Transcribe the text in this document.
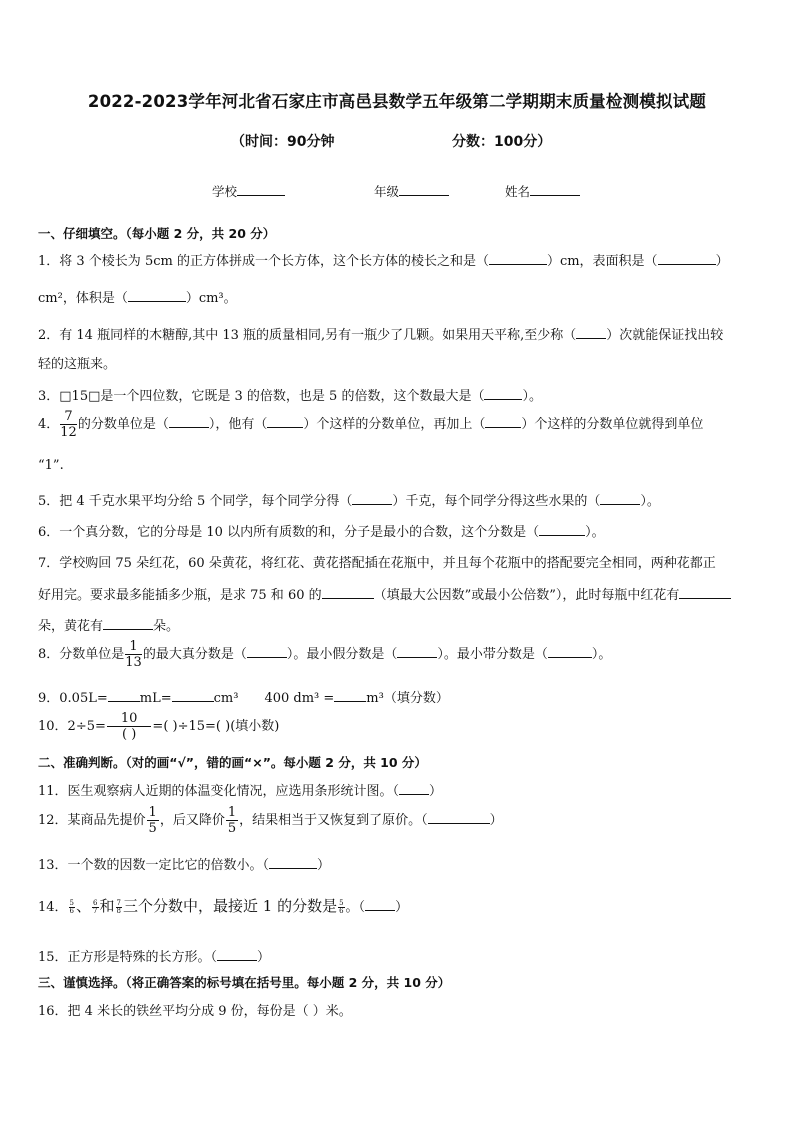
2022-2023学年河北省石家庄市高邑县数学五年级第二学期期末质量检测模拟试题
（时间：90分钟	分数：100分）
学校	年级	姓名
一、仔细填空。（每小题 2 分，共 20 分）
1．将 3 个棱长为 5cm 的正方体拼成一个长方体，这个长方体的棱长之和是（	）cm，表面积是（	）
cm²，体积是（	）cm³。
2．有 14 瓶同样的木糖醇,其中 13 瓶的质量相同,另有一瓶少了几颗。如果用天平称,至少称（ ）次就能保证找出较
轻的这瓶来。
3．□15□是一个四位数，它既是 3 的倍数，也是 5 的倍数，这个数最大是（	）。
4． $\frac{7}{12}$ 的分数单位是（	），他有（	）个这样的分数单位，再加上（	）个这样的分数单位就得到单位
“1”.
5．把 4 千克水果平均分给 5 个同学，每个同学分得（	）千克，每个同学分得这些水果的（	）。
6．一个真分数，它的分母是 10 以内所有质数的和，分子是最小的合数，这个分数是（	）。
7．学校购回 75 朵红花，60 朵黄花，将红花、黄花搭配插在花瓶中，并且每个花瓶中的搭配要完全相同，两种花都正
好用完。要求最多能插多少瓶，是求 75 和 60 的	（填最大公因数”或最小公倍数”），此时每瓶中红花有
朵，黄花有	朵。
8．分数单位是 $\frac{1}{13}$ 的最大真分数是（	）。最小假分数是（	）。最小带分数是（	）。
9．0.05L= mL=	cm³ 400 dm³ = m³（填分数）
10．$2\div 5= \frac{10}{( )}$ =( )÷15=( )(填小数)
二、准确判断。（对的画“√”，错的画“×”。每小题 2 分，共 10 分）
11．医生观察病人近期的体温变化情况，应选用条形统计图。（ ）
12．某商品先提价 $\frac{1}{5}$ ，后又降价 $\frac{1}{5}$ ，结果相当于又恢复到了原价。（	）
13．一个数的因数一定比它的倍数小。（	）
14． $\frac{5}{6}$ 、 $\frac{6}{7}$ 和 $\frac{7}{8}$ 三个分数中，最接近 1 的分数是 $\frac{5}{6}$ 。（ ）
15．正方形是特殊的长方形。（	）
三、谨慎选择。（将正确答案的标号填在括号里。每小题 2 分，共 10 分）
16．把 4 米长的铁丝平均分成 9 份，每份是（ ）米。
